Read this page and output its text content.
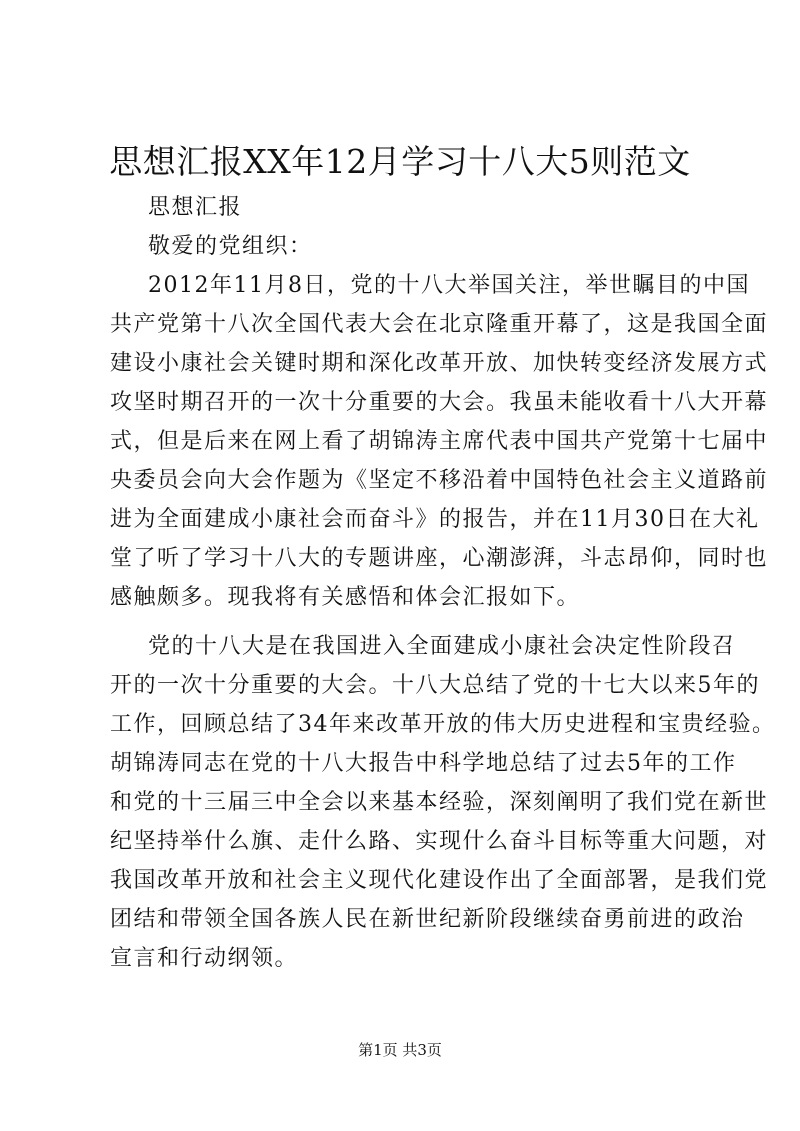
思想汇报XX年12月学习十八大5则范文

思想汇报

敬爱的党组织：

2012年11月8日，党的十八大举国关注，举世瞩目的中国

共产党第十八次全国代表大会在北京隆重开幕了，这是我国全面

建设小康社会关键时期和深化改革开放、加快转变经济发展方式

攻坚时期召开的一次十分重要的大会。我虽未能收看十八大开幕

式，但是后来在网上看了胡锦涛主席代表中国共产党第十七届中

央委员会向大会作题为《坚定不移沿着中国特色社会主义道路前

进为全面建成小康社会而奋斗》的报告，并在11月30日在大礼

堂了听了学习十八大的专题讲座，心潮澎湃，斗志昂仰，同时也

感触颇多。现我将有关感悟和体会汇报如下。

党的十八大是在我国进入全面建成小康社会决定性阶段召

开的一次十分重要的大会。十八大总结了党的十七大以来5年的

工作，回顾总结了34年来改革开放的伟大历史进程和宝贵经验。

胡锦涛同志在党的十八大报告中科学地总结了过去5年的工作

和党的十三届三中全会以来基本经验，深刻阐明了我们党在新世

纪坚持举什么旗、走什么路、实现什么奋斗目标等重大问题，对

我国改革开放和社会主义现代化建设作出了全面部署，是我们党

团结和带领全国各族人民在新世纪新阶段继续奋勇前进的政治

宣言和行动纲领。

第1页 共3页
